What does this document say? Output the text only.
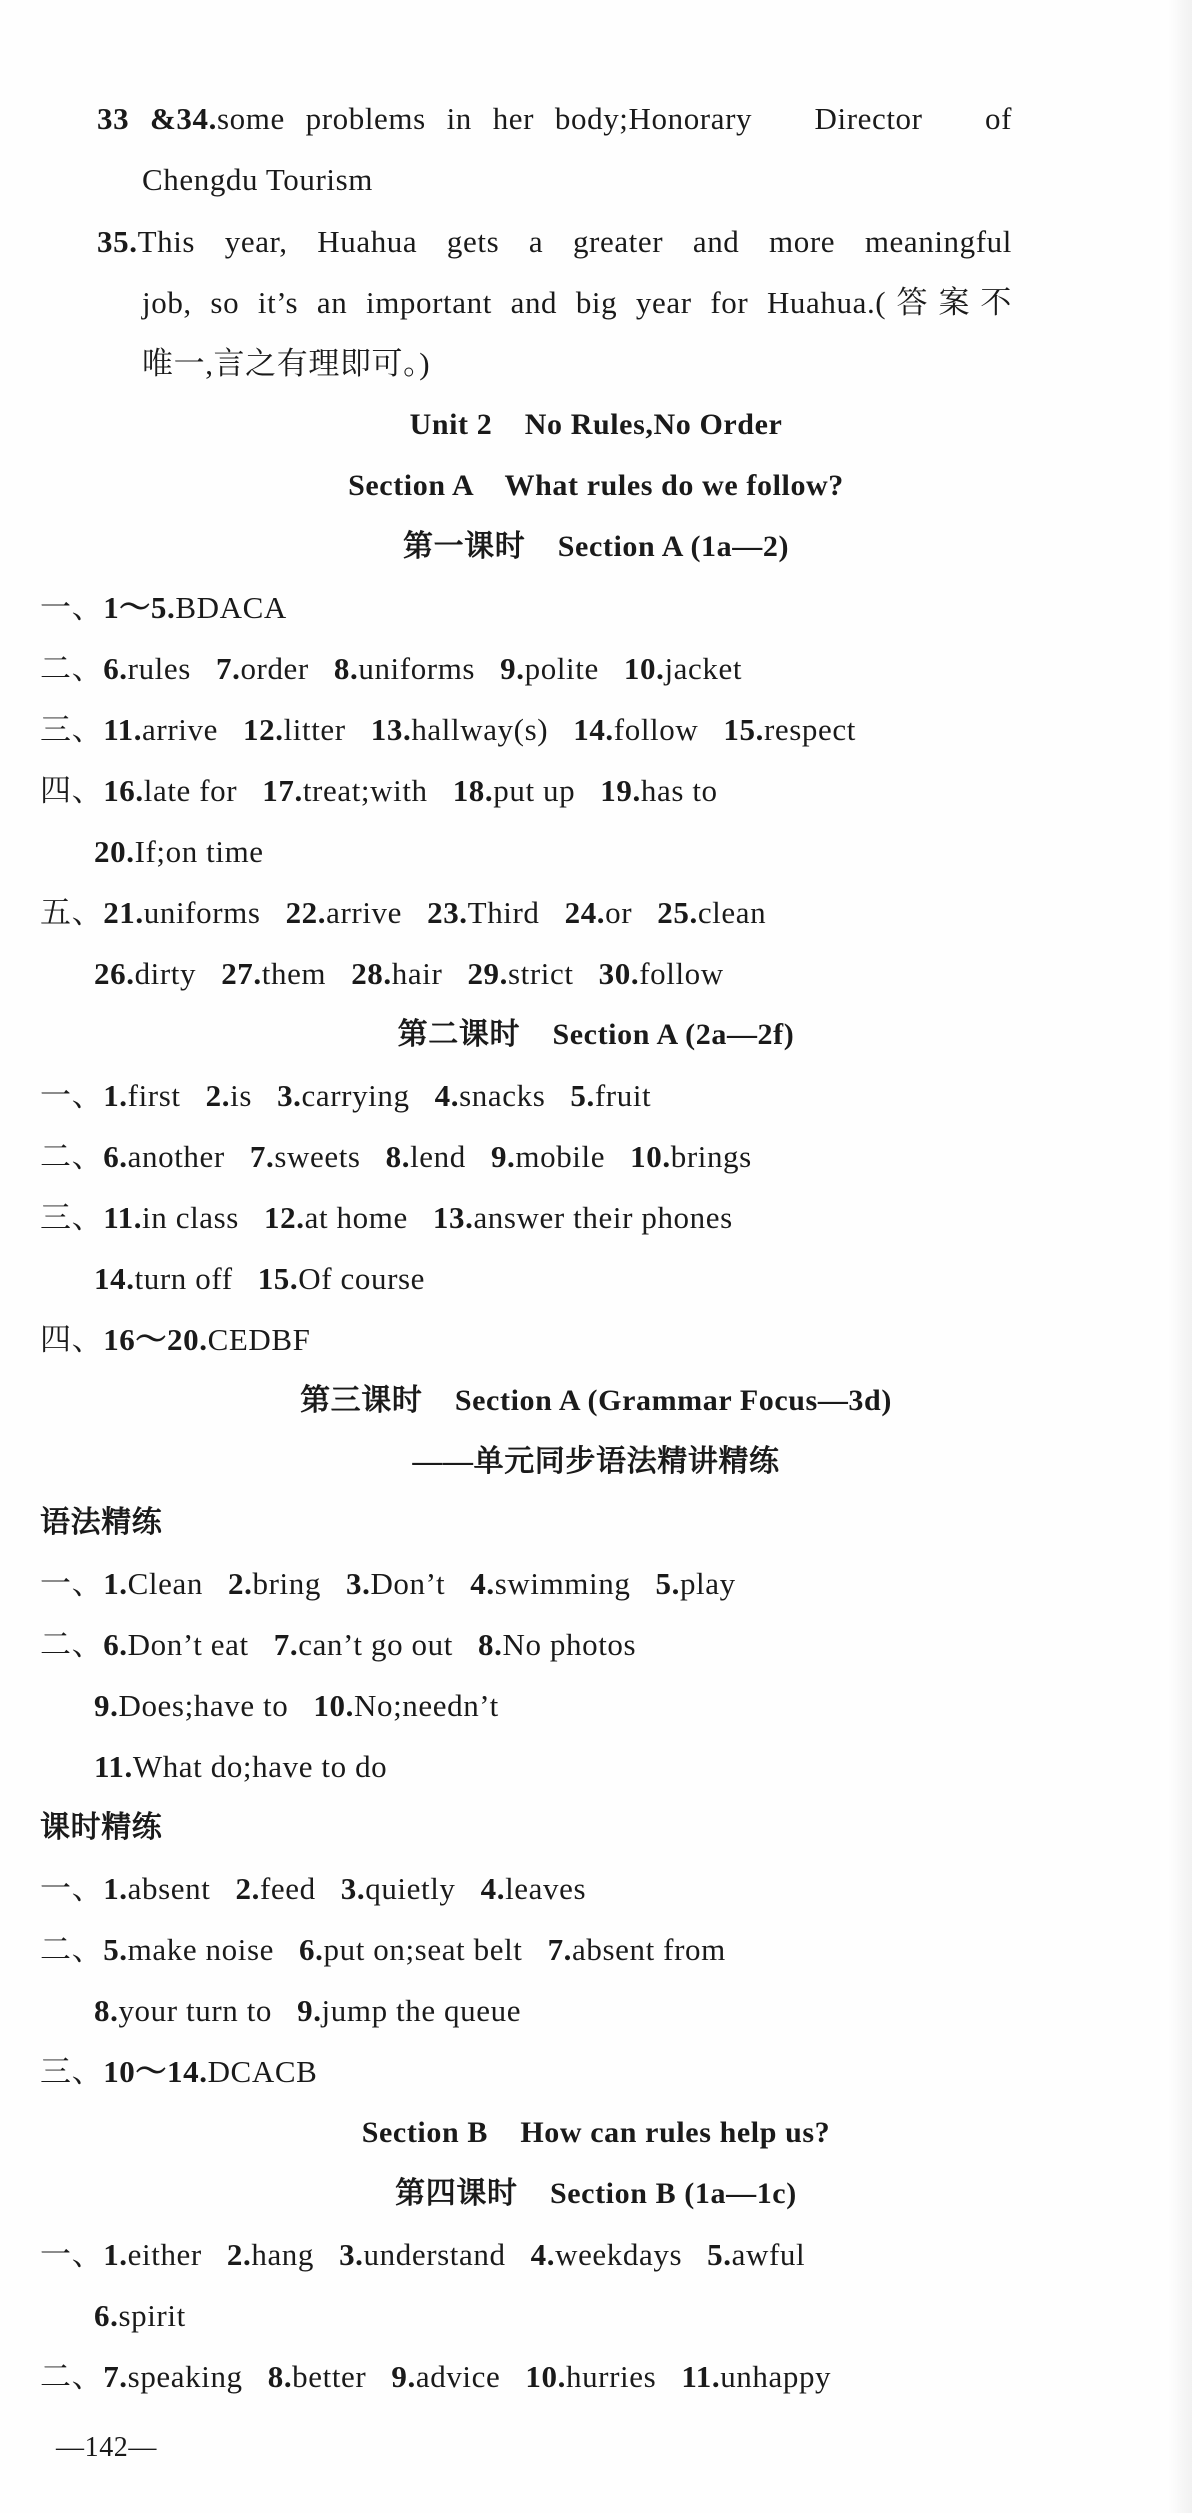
33 &34.some problems in her body;Honorary   Director   of
Chengdu Tourism
35.This year, Huahua gets a greater and more meaningful
job, so it’s an important and big year for Huahua.(答案不
唯一,言之有理即可。)
Unit 2    No Rules,No Order
Section A    What rules do we follow?
第一课时    Section A (1a—2)
一、1～5.BDACA
二、6.rules 7.order 8.uniforms 9.polite 10.jacket
三、11.arrive 12.litter 13.hallway(s) 14.follow 15.respect
四、16.late for 17.treat;with 18.put up 19.has to
20.If;on time
五、21.uniforms 22.arrive 23.Third 24.or 25.clean
26.dirty 27.them 28.hair 29.strict 30.follow
第二课时    Section A (2a—2f)
一、1.first 2.is 3.carrying 4.snacks 5.fruit
二、6.another 7.sweets 8.lend 9.mobile 10.brings
三、11.in class 12.at home 13.answer their phones
14.turn off 15.Of course
四、16～20.CEDBF
第三课时    Section A (Grammar Focus—3d)
——单元同步语法精讲精练
语法精练
一、1.Clean 2.bring 3.Don’t 4.swimming 5.play
二、6.Don’t eat 7.can’t go out 8.No photos
9.Does;have to 10.No;needn’t
11.What do;have to do
课时精练
一、1.absent 2.feed 3.quietly 4.leaves
二、5.make noise 6.put on;seat belt 7.absent from
8.your turn to 9.jump the queue
三、10～14.DCACB
Section B    How can rules help us?
第四课时    Section B (1a—1c)
一、1.either 2.hang 3.understand 4.weekdays 5.awful
6.spirit
二、7.speaking 8.better 9.advice 10.hurries 11.unhappy
—142—
